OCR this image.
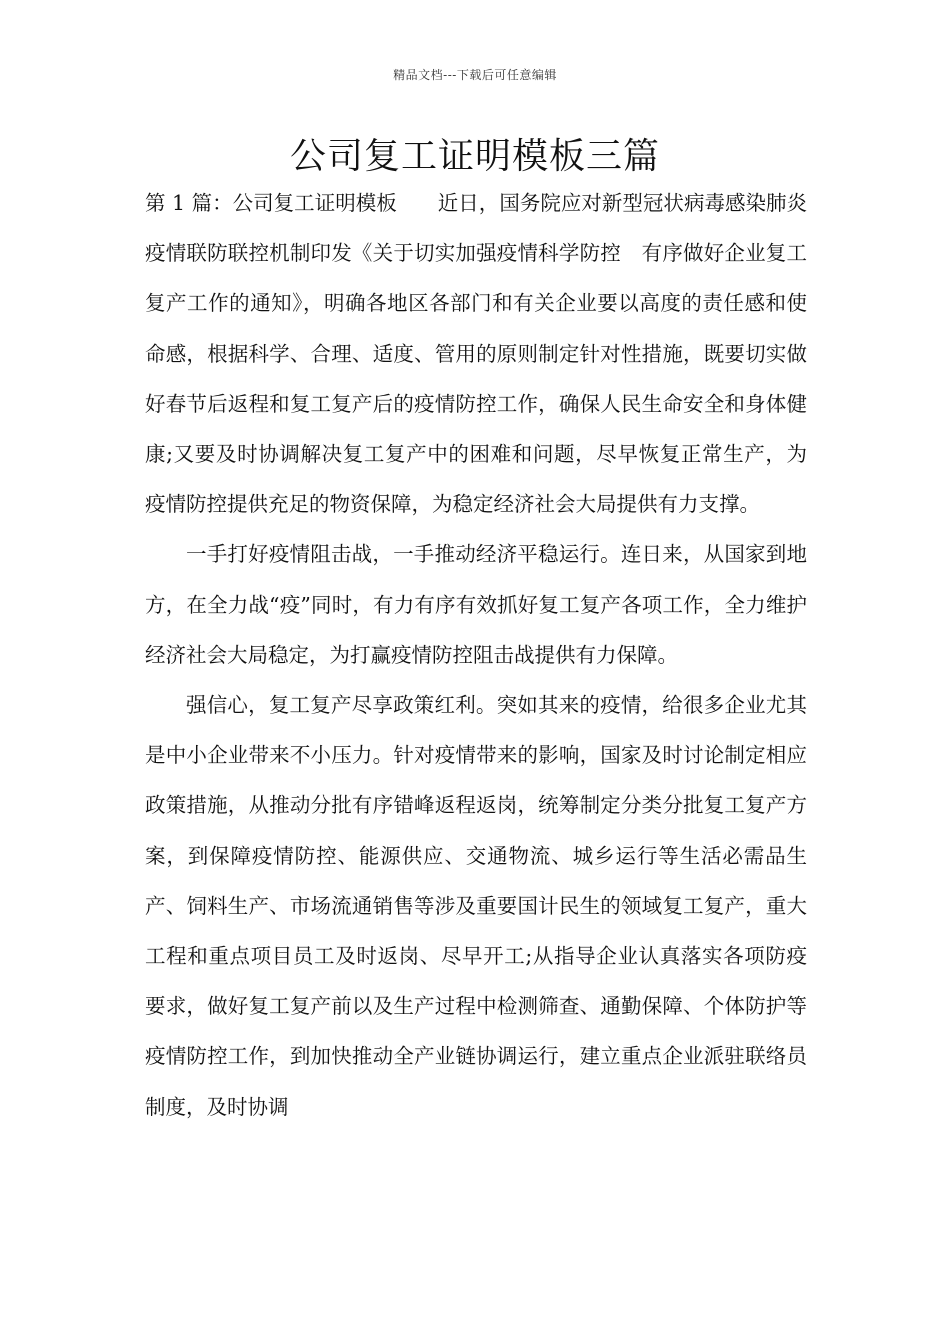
精品文档---下载后可任意编辑
公司复工证明模板三篇

第 1 篇：公司复工证明模板　　 近日，国务院应对新型冠状病毒感染肺炎疫情联防联控机制印发《关于切实加强疫情科学防控　有序做好企业复工复产工作的通知》，明确各地区各部门和有关企业要以高度的责任感和使命感，根据科学、合理、适度、管用的原则制定针对性措施，既要切实做好春节后返程和复工复产后的疫情防控工作，确保人民生命安全和身体健康;又要及时协调解决复工复产中的困难和问题，尽早恢复正常生产，为疫情防控提供充足的物资保障，为稳定经济社会大局提供有力支撑。

一手打好疫情阻击战，一手推动经济平稳运行。连日来，从国家到地方，在全力战“疫”同时，有力有序有效抓好复工复产各项工作，全力维护经济社会大局稳定，为打赢疫情防控阻击战提供有力保障。

强信心，复工复产尽享政策红利。突如其来的疫情，给很多企业尤其是中小企业带来不小压力。针对疫情带来的影响，国家及时讨论制定相应政策措施，从推动分批有序错峰返程返岗，统筹制定分类分批复工复产方案，到保障疫情防控、能源供应、交通物流、城乡运行等生活必需品生产、饲料生产、市场流通销售等涉及重要国计民生的领域复工复产，重大工程和重点项目员工及时返岗、尽早开工;从指导企业认真落实各项防疫要求，做好复工复产前以及生产过程中检测筛查、通勤保障、个体防护等疫情防控工作，到加快推动全产业链协调运行，建立重点企业派驻联络员制度，及时协调
